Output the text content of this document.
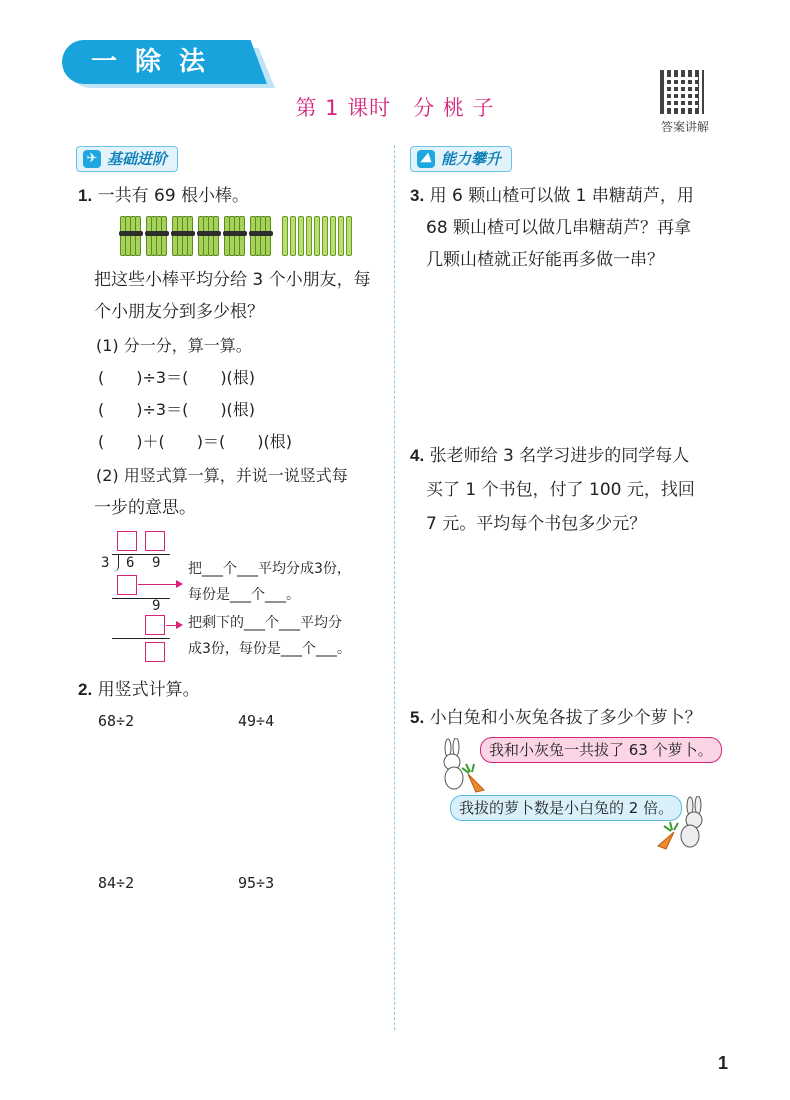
一除法
第 1 课时　分 桃 子
答案讲解
✈ 基础进阶	⛰ 能力攀升
1. 一共有 69 根小棒。
把这些小棒平均分给 3 个小朋友，每
个小朋友分到多少根？
(1) 分一分，算一算。
(　　)÷3＝(　　)(根)
(　　)÷3＝(　　)(根)
(　　)＋(　　)＝(　　)(根)
(2) 用竖式算一算，并说一说竖式每
一步的意思。
3 6 9
9
把___个___平均分成3份，
每份是___个___。
把剩下的___个___平均分
成3份，每份是___个___。
2. 用竖式计算。
68÷2	49÷4
84÷2	95÷3
3. 用 6 颗山楂可以做 1 串糖葫芦，用
68 颗山楂可以做几串糖葫芦？再拿
几颗山楂就正好能再多做一串？
4. 张老师给 3 名学习进步的同学每人
买了 1 个书包，付了 100 元，找回
7 元。平均每个书包多少元？
5. 小白兔和小灰兔各拔了多少个萝卜？
我和小灰兔一共拔了 63 个萝卜。
我拔的萝卜数是小白兔的 2 倍。
1
